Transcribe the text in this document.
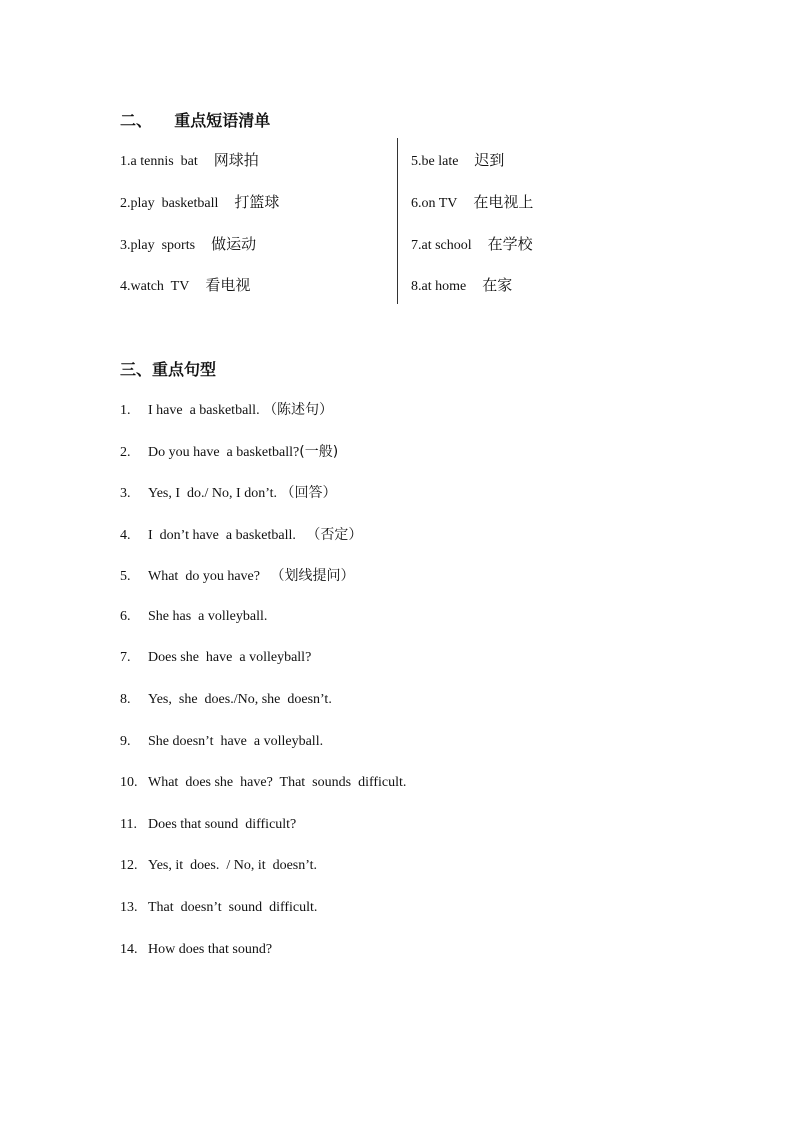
二、    重点短语清单
1.a tennis  bat 网球拍
2.play  basketball 打篮球
3.play  sports 做运动
4.watch  TV 看电视
5.be late 迟到
6.on TV 在电视上
7.at school 在学校
8.at home 在家
三、重点句型
1. I have  a basketball. （陈述句）
2. Do you have  a basketball?(一般)
3. Yes, I  do./ No, I don’t. （回答）
4. I  don’t have  a basketball.   （否定）
5. What  do you have?   （划线提问）
6. She has  a volleyball.
7. Does she  have  a volleyball?
8. Yes,  she  does./No, she  doesn’t.
9. She doesn’t  have  a volleyball.
10. What  does she  have?  That  sounds  difficult.
11. Does that sound  difficult?
12. Yes, it  does.  / No, it  doesn’t.
13. That  doesn’t  sound  difficult.
14. How does that sound?
